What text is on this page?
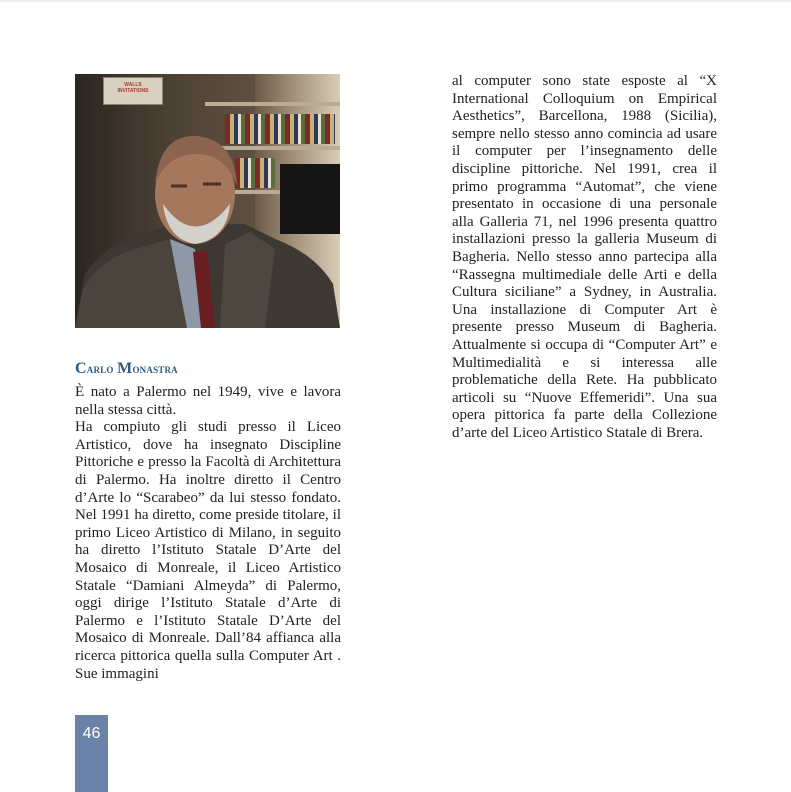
WALLS
INVITATIONS
Carlo Monastra

È nato a Palermo nel 1949, vive e lavora nella stessa città.

Ha compiuto gli studi presso il Liceo Artistico, dove ha insegnato Discipline Pittoriche e presso la Facoltà di Architettura di Palermo. Ha inoltre diretto il Centro d’Arte lo “Scarabeo” da lui stesso fondato. Nel 1991 ha diretto, come preside titolare, il primo Liceo Artistico di Milano, in seguito ha diretto l’Istituto Statale D’Arte del Mosaico di Monreale, il Liceo Artistico Statale “Damiani Almeyda” di Palermo, oggi dirige l’Istituto Statale d’Arte di Palermo e l’Istituto Statale D’Arte del Mosaico di Monreale. Dall’84 affianca alla ricerca pittorica quella sulla Computer Art . Sue immagini

al computer sono state esposte al “X International Colloquium on Empirical Aesthetics”, Barcellona, 1988 (Sicilia), sempre nello stesso anno comincia ad usare il computer per l’insegnamento delle discipline pittoriche. Nel 1991, crea il primo programma “Automat”, che viene presentato in occasione di una personale alla Galleria 71, nel 1996 presenta quattro installazioni presso la galleria Museum di Bagheria. Nello stesso anno partecipa alla “Rassegna multimediale delle Arti e della Cultura siciliane” a Sydney, in Australia. Una installazione di Computer Art è presente presso Museum di Bagheria. Attualmente si occupa di “Computer Art” e Multimedialità e si interessa alle problematiche della Rete. Ha pubblicato articoli su “Nuove Effemeridi”. Una sua opera pittorica fa parte della Collezione d’arte del Liceo Artistico Statale di Brera.

46
